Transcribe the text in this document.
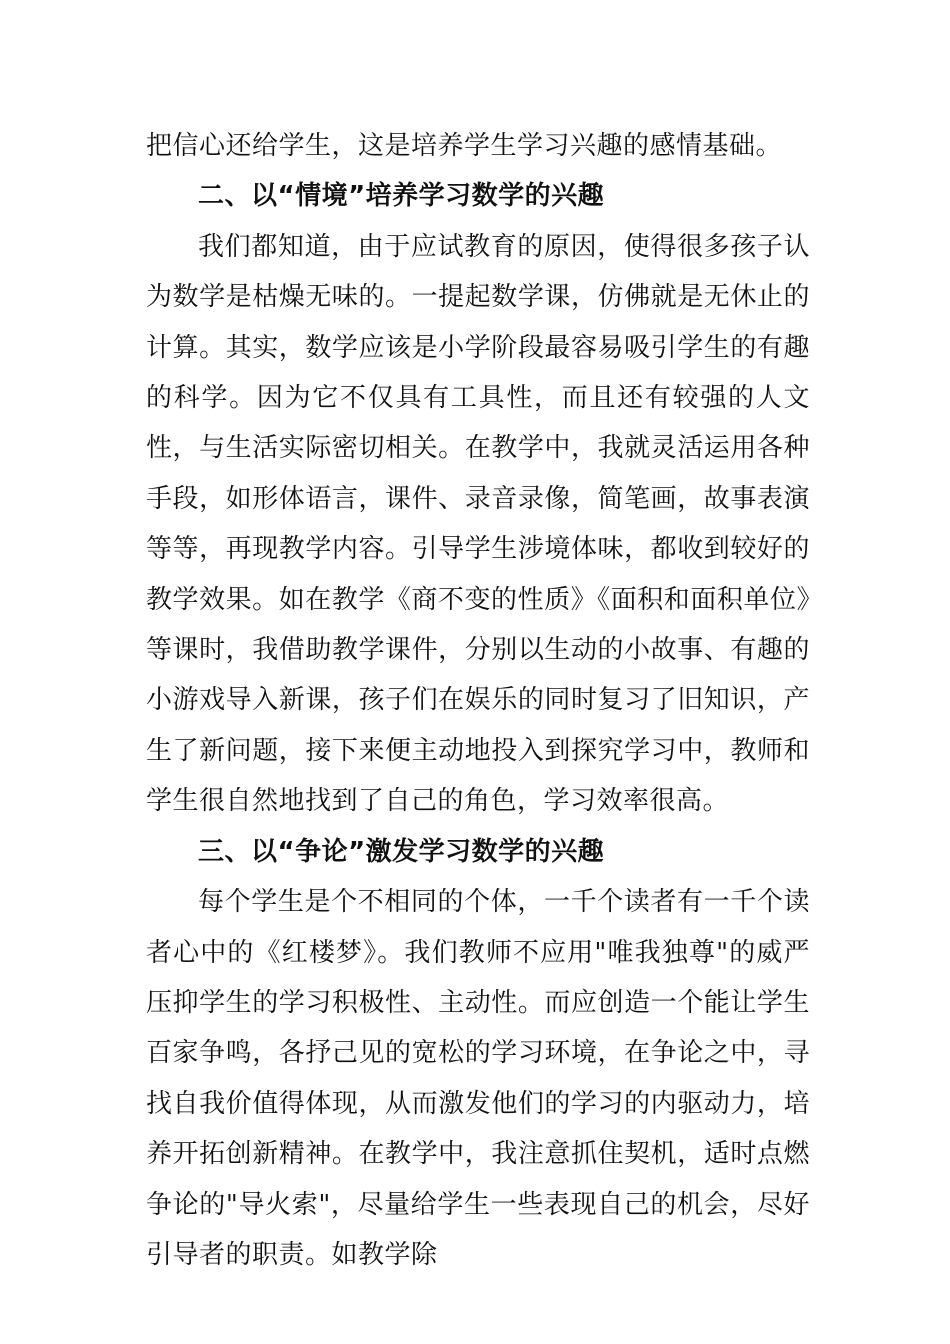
把信心还给学生，这是培养学生学习兴趣的感情基础。

二、以“情境”培养学习数学的兴趣

我们都知道，由于应试教育的原因，使得很多孩子认为数学是枯燥无味的。一提起数学课，仿佛就是无休止的计算。其实，数学应该是小学阶段最容易吸引学生的有趣的科学。因为它不仅具有工具性，而且还有较强的人文性，与生活实际密切相关。在教学中，我就灵活运用各种手段，如形体语言，课件、录音录像，简笔画，故事表演等等，再现教学内容。引导学生涉境体味，都收到较好的教学效果。如在教学《商不变的性质》《面积和面积单位》等课时，我借助教学课件，分别以生动的小故事、有趣的小游戏导入新课，孩子们在娱乐的同时复习了旧知识，产生了新问题，接下来便主动地投入到探究学习中，教师和学生很自然地找到了自己的角色，学习效率很高。

三、以“争论”激发学习数学的兴趣

每个学生是个不相同的个体，一千个读者有一千个读者心中的《红楼梦》。我们教师不应用"唯我独尊"的威严压抑学生的学习积极性、主动性。而应创造一个能让学生百家争鸣，各抒己见的宽松的学习环境，在争论之中，寻找自我价值得体现，从而激发他们的学习的内驱动力，培养开拓创新精神。在教学中，我注意抓住契机，适时点燃争论的"导火索"，尽量给学生一些表现自己的机会，尽好引导者的职责。如教学除
